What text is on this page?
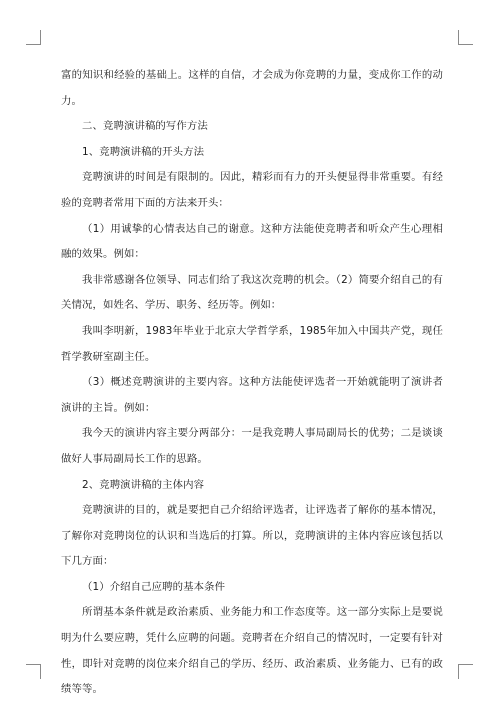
富的知识和经验的基础上。这样的自信，才会成为你竞聘的力量，变成你工作的动力。

二、竞聘演讲稿的写作方法

1、竞聘演讲稿的开头方法

竞聘演讲的时间是有限制的。因此，精彩而有力的开头便显得非常重要。有经验的竞聘者常用下面的方法来开头：

（1）用诚挚的心情表达自己的谢意。这种方法能使竞聘者和听众产生心理相融的效果。例如：

我非常感谢各位领导、同志们给了我这次竞聘的机会。（2）简要介绍自己的有关情况，如姓名、学历、职务、经历等。例如：

我叫李明新，1983年毕业于北京大学哲学系，1985年加入中国共产党，现任哲学教研室副主任。

（3）概述竞聘演讲的主要内容。这种方法能使评选者一开始就能明了演讲者演讲的主旨。例如：

我今天的演讲内容主要分两部分：一是我竞聘人事局副局长的优势；二是谈谈做好人事局副局长工作的思路。

2、竞聘演讲稿的主体内容

竞聘演讲的目的，就是要把自己介绍给评选者，让评选者了解你的基本情况，了解你对竞聘岗位的认识和当选后的打算。所以，竞聘演讲的主体内容应该包括以下几方面：

（1）介绍自己应聘的基本条件

所谓基本条件就是政治素质、业务能力和工作态度等。这一部分实际上是要说明为什么要应聘，凭什么应聘的问题。竞聘者在介绍自己的情况时，一定要有针对性，即针对竞聘的岗位来介绍自己的学历、经历、政治素质、业务能力、已有的政绩等等。
